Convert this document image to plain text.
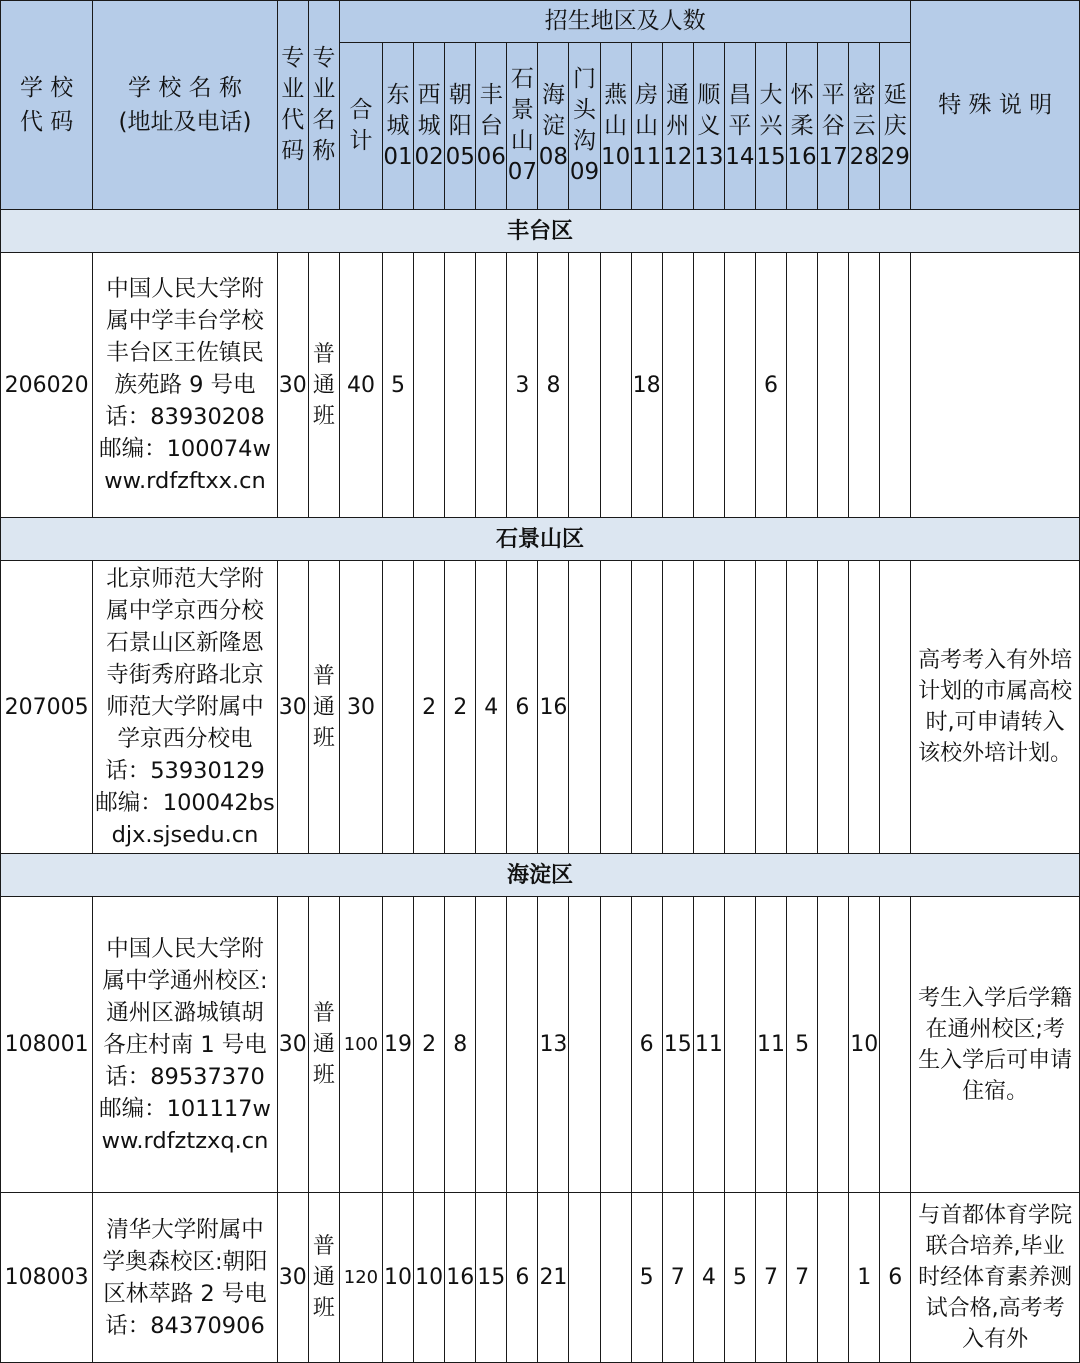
学 校 代 码	学 校 名 称
(地址及电话)	专业代码	专业名称	招生地区及人数																		特 殊 说 明
				合计	东城01	西城02	朝阳05	丰台06	石景山07	海淀08	门头沟09	燕山10	房山11	通州12	顺义13	昌平14	大兴15	怀柔16	平谷17	密云28	延庆29	
丰台区																						
206020	中国人民大学附属中学丰台学校丰台区王佐镇民族苑路 9 号电话：83930208邮编：100074www.rdfzftxx.cn	30	普通班	40	5				3	8			18				6					
石景山区																						
207005	北京师范大学附属中学京西分校石景山区新隆恩寺街秀府路北京师范大学附属中学京西分校电话：53930129邮编：100042bsdjx.sjsedu.cn	30	普通班	30		2	2	4	6	16												高考考入有外培计划的市属高校时,可申请转入该校外培计划。
海淀区																						
108001	中国人民大学附属中学通州校区:通州区潞城镇胡各庄村南 1 号电话：89537370邮编：101117www.rdfztzxq.cn	30	普通班	100	19	2	8			13			6	15	11		11	5		10		考生入学后学籍在通州校区;考生入学后可申请住宿。
108003	清华大学附属中学奥森校区:朝阳区林萃路 2 号电话：84370906	30	普通班	120	10	10	16	15	6	21			5	7	4	5	7	7		1	6	与首都体育学院联合培养,毕业时经体育素养测试合格,高考考入有外
